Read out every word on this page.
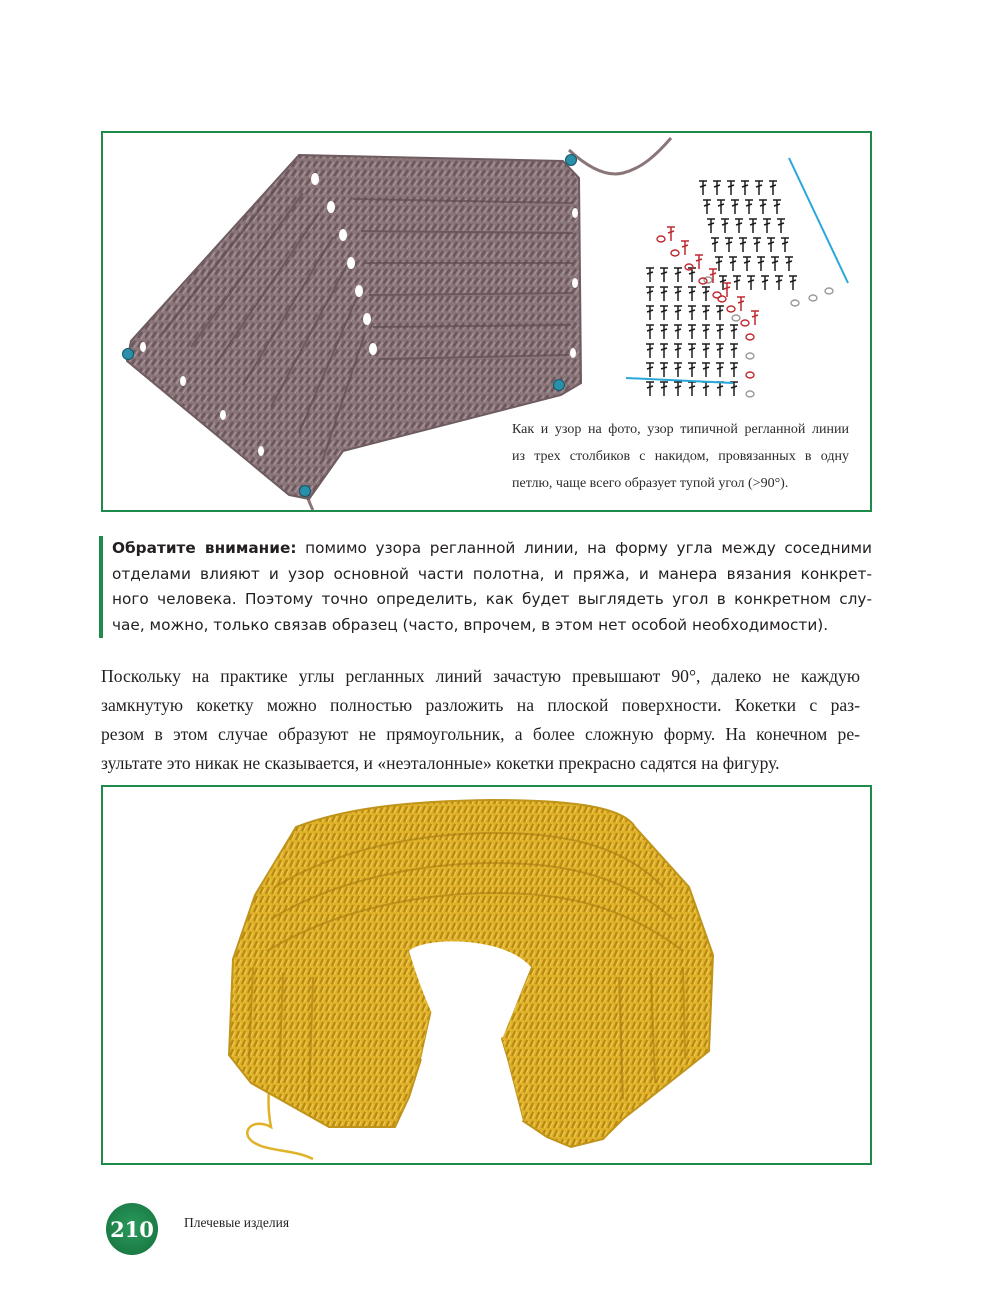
Как и узор на фото, узор типичной регланной линии
из трех столбиков с накидом, провязанных в одну
петлю, чаще всего образует тупой угол (>90°).
Обратите внимание: помимо узора регланной линии, на форму угла между соседними
отделами влияют и узор основной части полотна, и пряжа, и манера вязания конкрет-
ного человека. Поэтому точно определить, как будет выглядеть угол в конкретном слу-
чае, можно, только связав образец (часто, впрочем, в этом нет особой необходимости).
Поскольку на практике углы регланных линий зачастую превышают 90°, далеко не каждую
замкнутую кокетку можно полностью разложить на плоской поверхности. Кокетки с раз-
резом в этом случае образуют не прямоугольник, а более сложную форму. На конечном ре-
зультате это никак не сказывается, и «неэталонные» кокетки прекрасно садятся на фигуру.
210	Плечевые изделия
